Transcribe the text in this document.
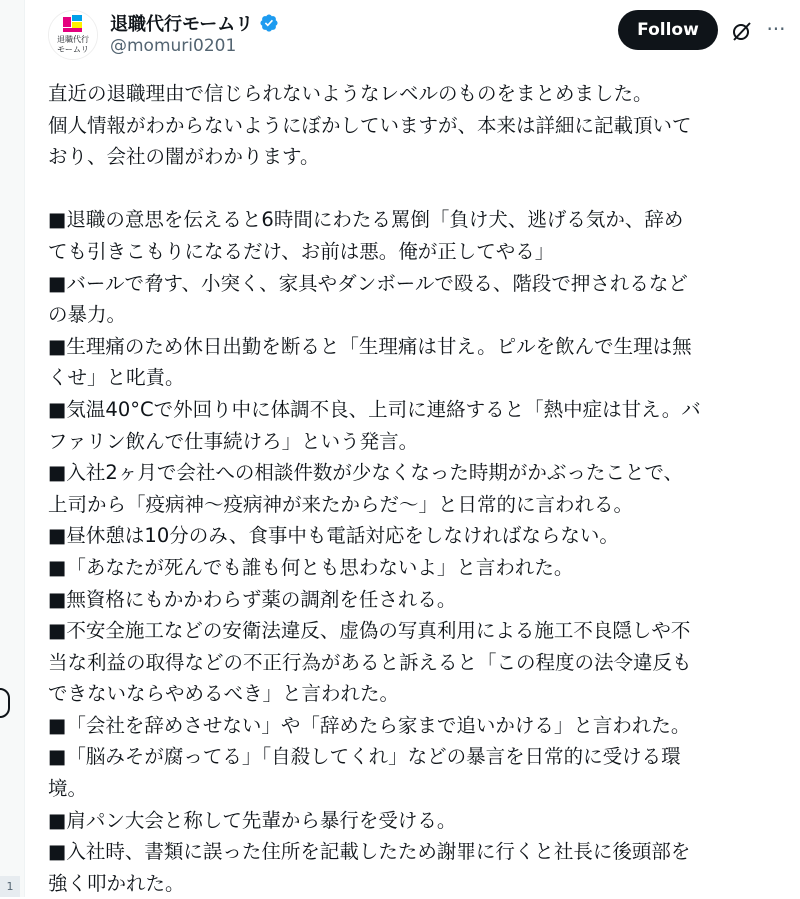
1
退職代行
モームリ
退職代行モームリ
@momuri0201
Follow	···
直近の退職理由で信じられないようなレベルのものをまとめました。
個人情報がわからないようにぼかしていますが、本来は詳細に記載頂いて
おり、会社の闇がわかります。
■退職の意思を伝えると6時間にわたる罵倒「負け犬、逃げる気か、辞め
ても引きこもりになるだけ、お前は悪。俺が正してやる」
■バールで脅す、小突く、家具やダンボールで殴る、階段で押されるなど
の暴力。
■生理痛のため休日出勤を断ると「生理痛は甘え。ピルを飲んで生理は無
くせ」と叱責。
■気温40°Cで外回り中に体調不良、上司に連絡すると「熱中症は甘え。バ
ファリン飲んで仕事続けろ」という発言。
■入社2ヶ月で会社への相談件数が少なくなった時期がかぶったことで、
上司から「疫病神〜疫病神が来たからだ〜」と日常的に言われる。
■昼休憩は10分のみ、食事中も電話対応をしなければならない。
■「あなたが死んでも誰も何とも思わないよ」と言われた。
■無資格にもかかわらず薬の調剤を任される。
■不安全施工などの安衛法違反、虚偽の写真利用による施工不良隠しや不
当な利益の取得などの不正行為があると訴えると「この程度の法令違反も
できないならやめるべき」と言われた。
■「会社を辞めさせない」や「辞めたら家まで追いかける」と言われた。
■「脳みそが腐ってる」「自殺してくれ」などの暴言を日常的に受ける環
境。
■肩パン大会と称して先輩から暴行を受ける。
■入社時、書類に誤った住所を記載したため謝罪に行くと社長に後頭部を
強く叩かれた。
